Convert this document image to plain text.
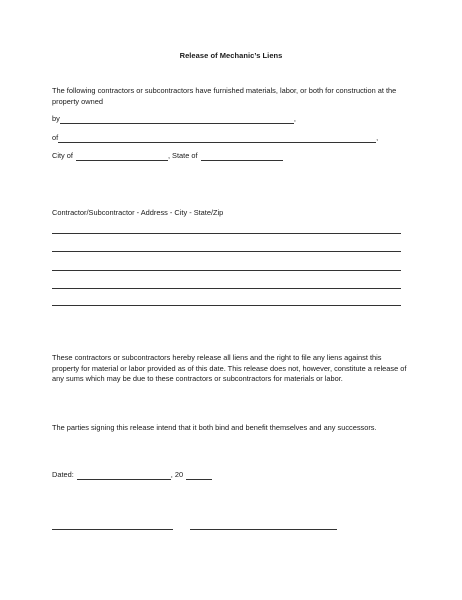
Release of Mechanic’s Liens

The following contractors or subcontractors have furnished materials, labor, or both for construction at the property owned

by	,
of	,
City of	, State of
Contractor/Subcontractor - Address - City - State/Zip

These contractors or subcontractors hereby release all liens and the right to file any liens against this property for material or labor provided as of this date. This release does not, however, constitute a release of any sums which may be due to these contractors or subcontractors for materials or labor.

The parties signing this release intend that it both bind and benefit themselves and any successors.

Dated:	, 20
